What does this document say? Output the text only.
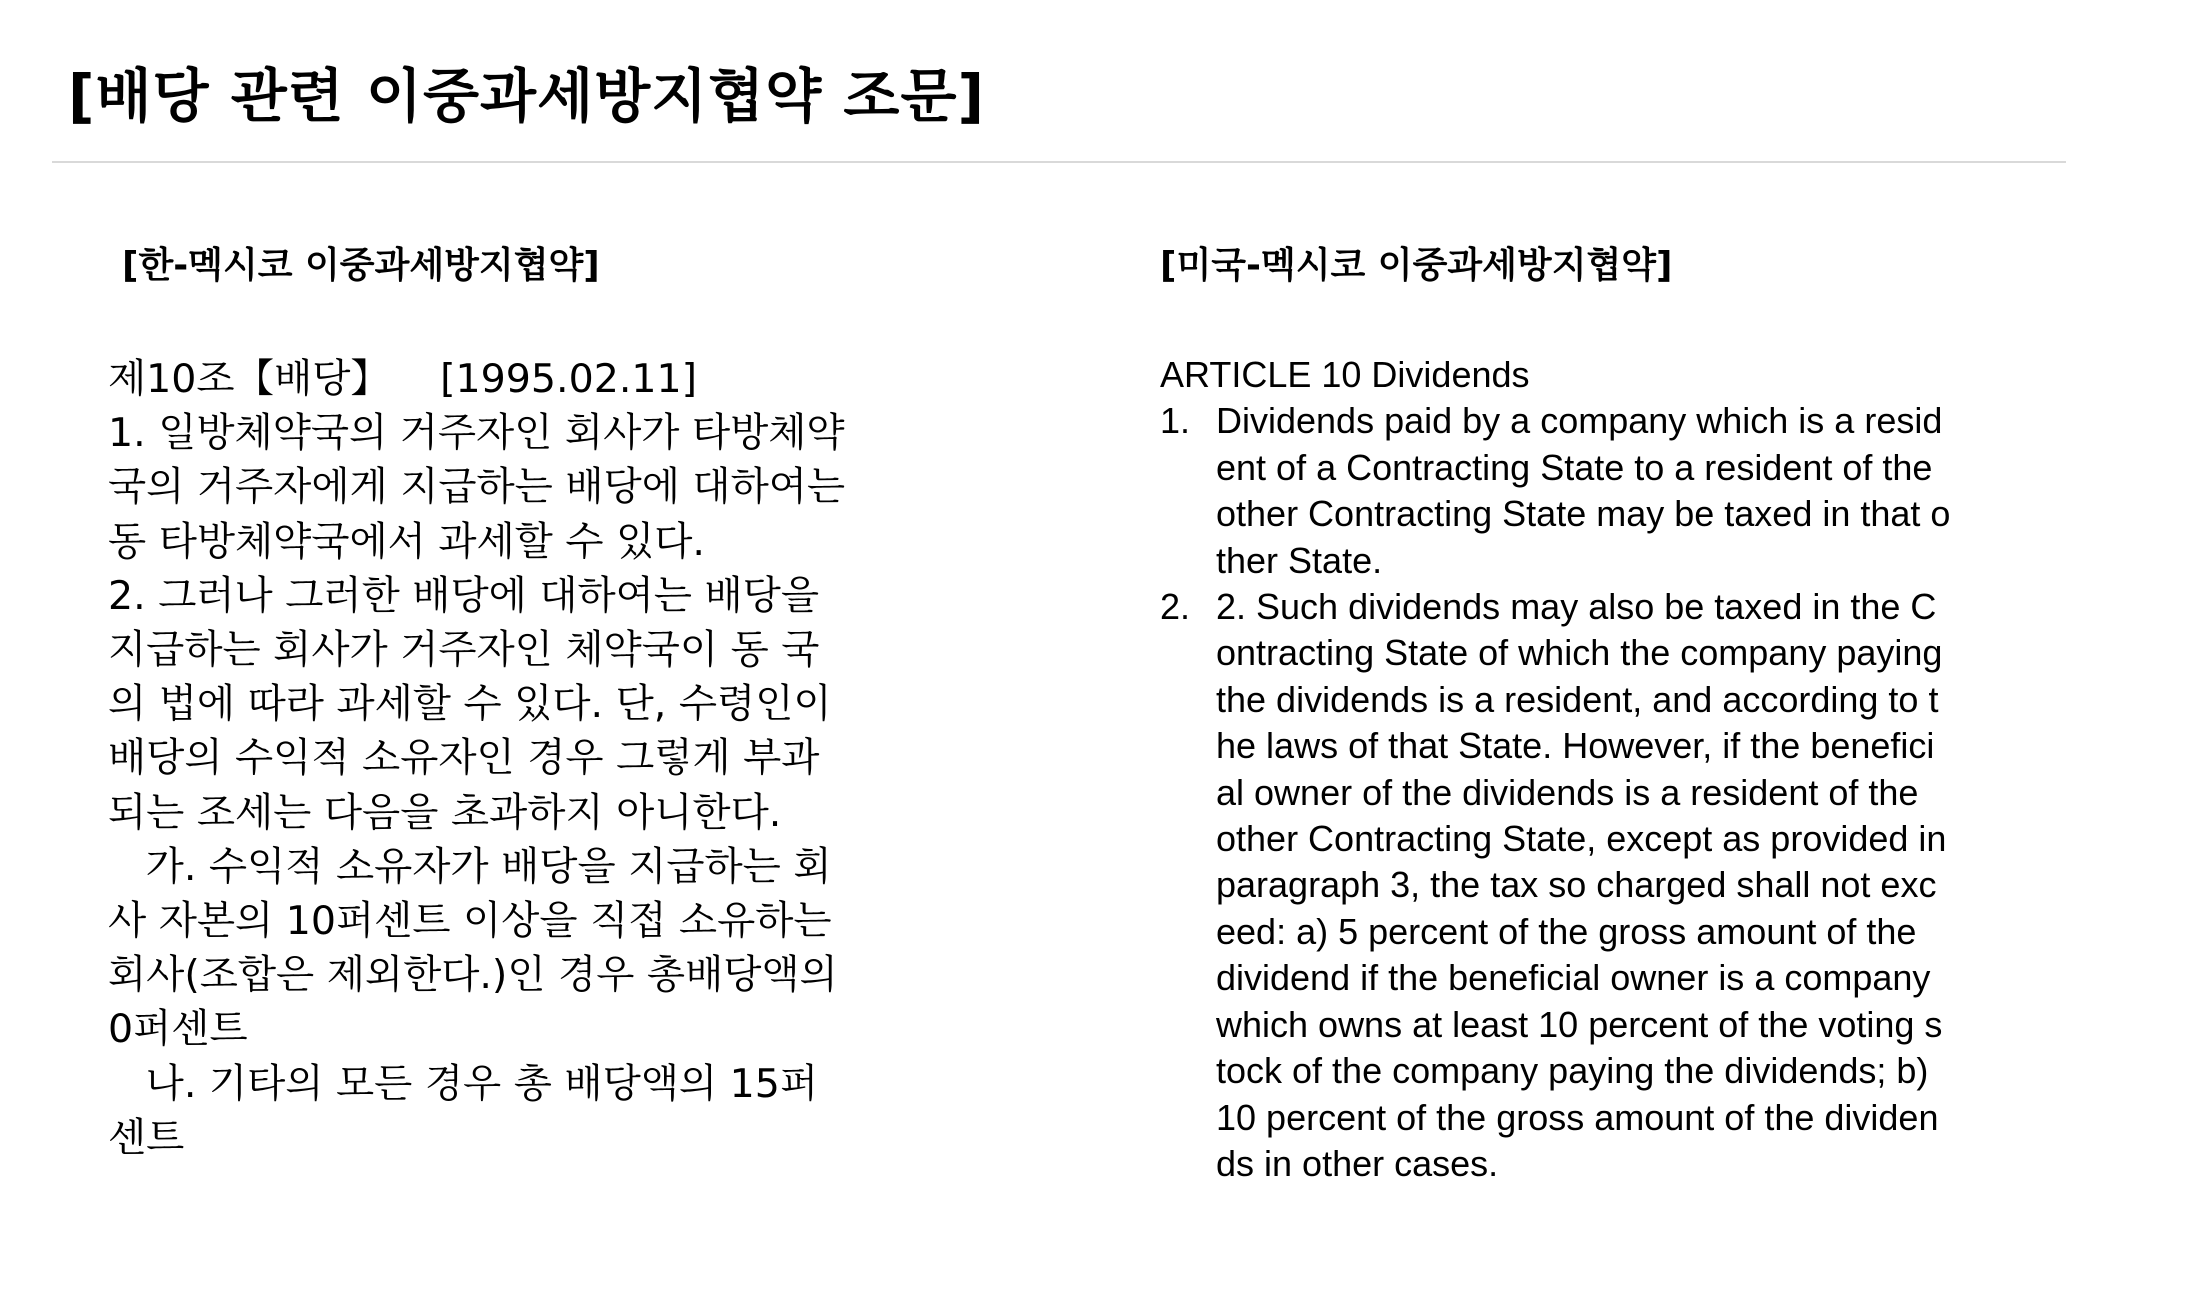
[배당 관련 이중과세방지협약 조문]
[한-멕시코 이중과세방지협약]	[미국-멕시코 이중과세방지협약]
제10조【배당】    [1995.02.11]
1. 일방체약국의 거주자인 회사가 타방체약
국의 거주자에게 지급하는 배당에 대하여는
동 타방체약국에서 과세할 수 있다.
2. 그러나 그러한 배당에 대하여는 배당을
지급하는 회사가 거주자인 체약국이 동 국
의 법에 따라 과세할 수 있다. 단, 수령인이
배당의 수익적 소유자인 경우 그렇게 부과
되는 조세는 다음을 초과하지 아니한다.
가. 수익적 소유자가 배당을 지급하는 회
사 자본의 10퍼센트 이상을 직접 소유하는
회사(조합은 제외한다.)인 경우 총배당액의
0퍼센트
나. 기타의 모든 경우 총 배당액의 15퍼
센트
ARTICLE 10 Dividends
1. Dividends paid by a company which is a resid
ent of a Contracting State to a resident of the
other Contracting State may be taxed in that o
ther State.
2. 2. Such dividends may also be taxed in the C
ontracting State of which the company paying
the dividends is a resident, and according to t
he laws of that State. However, if the benefici
al owner of the dividends is a resident of the
other Contracting State, except as provided in
paragraph 3, the tax so charged shall not exc
eed: a) 5 percent of the gross amount of the
dividend if the beneficial owner is a company
which owns at least 10 percent of the voting s
tock of the company paying the dividends; b)
10 percent of the gross amount of the dividen
ds in other cases.
